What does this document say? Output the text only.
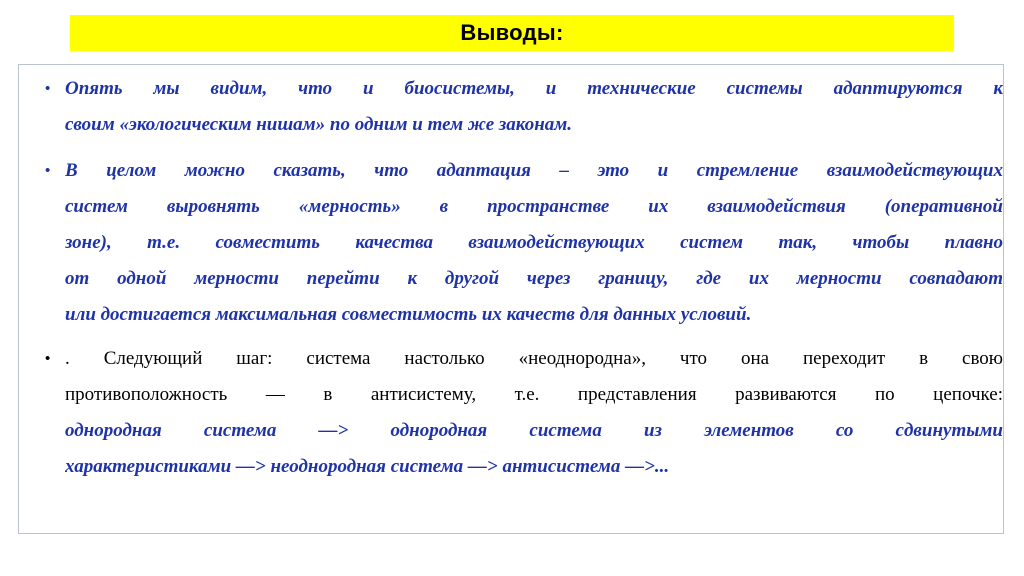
Выводы:
• Опять мы видим, что и биосистемы, и технические системы адаптируются к
своим «экологическим нишам» по одним и тем же законам.
• В целом можно сказать, что адаптация – это и стремление взаимодействующих
систем выровнять «мерность» в пространстве их взаимодействия (оперативной
зоне), т.е. совместить качества взаимодействующих систем так, чтобы плавно
от одной мерности перейти к другой через границу, где их мерности совпадают
или достигается максимальная совместимость их качеств для данных условий.
• . Следующий шаг: система настолько «неоднородна», что она переходит в свою
противоположность — в антисистему, т.е. представления развиваются по цепочке:
однородная система —> однородная система из элементов со сдвинутыми
характеристиками —> неоднородная система —> антисистема —>...
